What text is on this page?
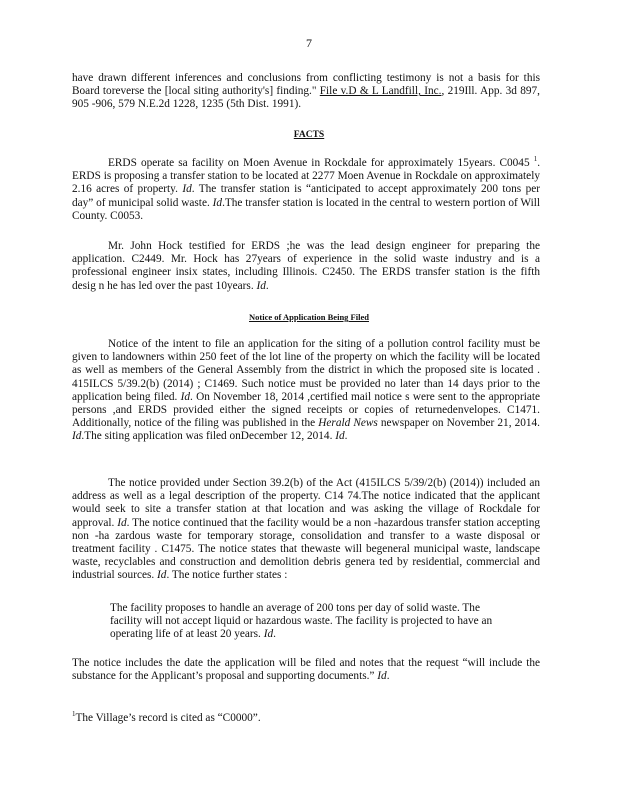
7
have drawn different inferences and conclusions from conflicting testimony is not a basis for this Board toreverse the [local siting authority's] finding." File v.D & L Landfill, Inc., 219Ill. App. 3d 897, 905 -906, 579 N.E.2d 1228, 1235 (5th Dist. 1991).
FACTS
ERDS operate sa facility on Moen Avenue in Rockdale for approximately 15years. C0045 $^1$. ERDS is proposing a transfer station to be located at 2277 Moen Avenue in Rockdale on approximately 2.16 acres of property. Id. The transfer station is “anticipated to accept approximately 200 tons per day” of municipal solid waste. Id.The transfer station is located in the central to western portion of Will County. C0053.
Mr. John Hock testified for ERDS ;he was the lead design engineer for preparing the application. C2449. Mr. Hock has 27years of experience in the solid waste industry and is a professional engineer insix states, including Illinois. C2450. The ERDS transfer station is the fifth desig n he has led over the past 10years. Id.
Notice of Application Being Filed
Notice of the intent to file an application for the siting of a pollution control facility must be given to landowners within 250 feet of the lot line of the property on which the facility will be located as well as members of the General Assembly from the district in which the proposed site is located . 415ILCS 5/39.2(b) (2014) ; C1469. Such notice must be provided no later than 14 days prior to the application being filed. Id. On November 18, 2014 ,certified mail notice s were sent to the appropriate persons ,and ERDS provided either the signed receipts or copies of returnedenvelopes. C1471. Additionally, notice of the filing was published in the Herald News newspaper on November 21, 2014. Id.The siting application was filed onDecember 12, 2014. Id.
The notice provided under Section 39.2(b) of the Act (415ILCS 5/39/2(b) (2014)) included an address as well as a legal description of the property. C14 74.The notice indicated that the applicant would seek to site a transfer station at that location and was asking the village of Rockdale for approval. Id. The notice continued that the facility would be a non -hazardous transfer station accepting non -ha zardous waste for temporary storage, consolidation and transfer to a waste disposal or treatment facility . C1475. The notice states that thewaste will begeneral municipal waste, landscape waste, recyclables and construction and demolition debris genera ted by residential, commercial and industrial sources. Id. The notice further states :
The facility proposes to handle an average of 200 tons per day of solid waste. The facility will not accept liquid or hazardous waste. The facility is projected to have an operating life of at least 20 years. Id.
The notice includes the date the application will be filed and notes that the request “will include the substance for the Applicant’s proposal and supporting documents.” Id.
$^1$The Village’s record is cited as “C0000”.
